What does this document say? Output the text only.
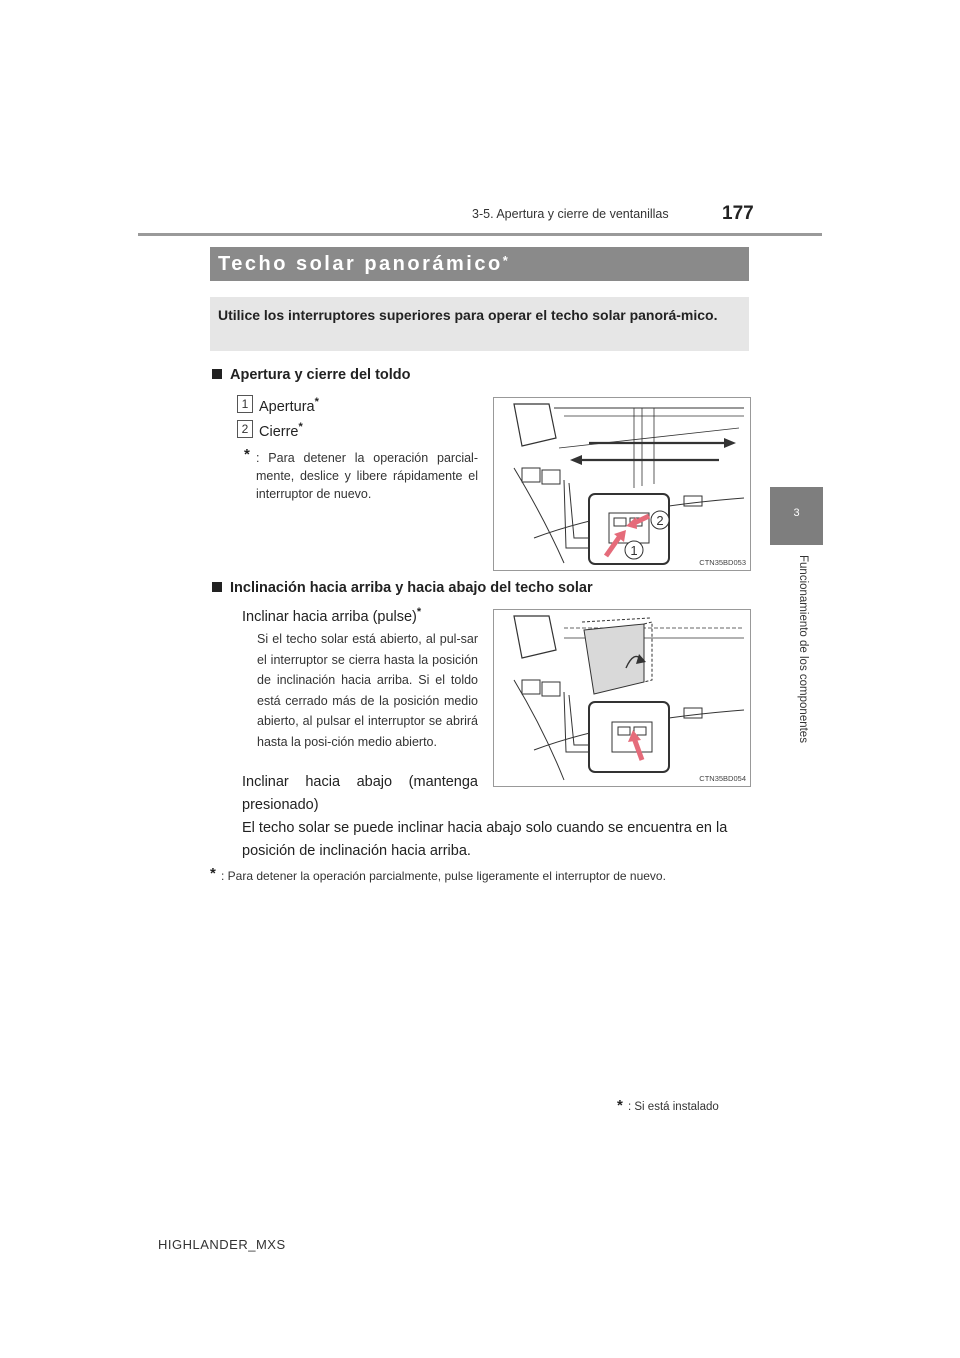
3-5. Apertura y cierre de ventanillas	177
3
Funcionamiento de los componentes
Techo solar panorámico*
Utilice los interruptores superiores para operar el techo solar panorá-mico.
Apertura y cierre del toldo
1 Apertura*
2 Cierre*
* : Para detener la operación parcial-mente, deslice y libere rápidamente el interruptor de nuevo.
2
1
CTN35BD053
Inclinación hacia arriba y hacia abajo del techo solar
Inclinar hacia arriba (pulse)*
Si el techo solar está abierto, al pul-sar el interruptor se cierra hasta la posición de inclinación hacia arriba. Si el toldo está cerrado más de la posición medio abierto, al pulsar el interruptor se abrirá hasta la posi-ción medio abierto.
Inclinar hacia abajo (mantenga presionado)
El techo solar se puede inclinar hacia abajo solo cuando se encuentra en la posición de inclinación hacia arriba.
CTN35BD054
* : Para detener la operación parcialmente, pulse ligeramente el interruptor de nuevo.
* : Si está instalado
HIGHLANDER_MXS
